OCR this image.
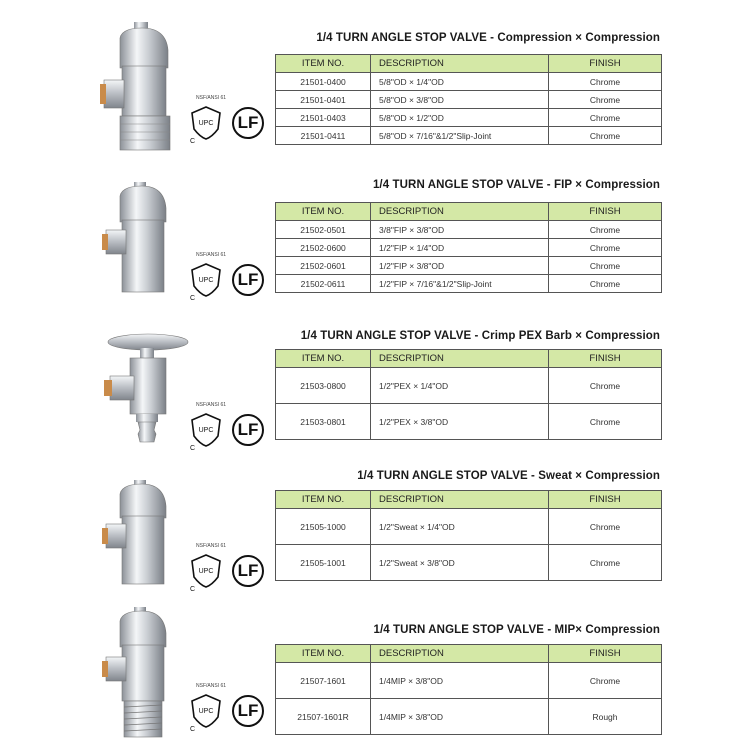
NSF/ANSI 61
UPC
C
LF
1/4 TURN ANGLE STOP VALVE - Compression × Compression
ITEM NO.	DESCRIPTION	FINISH
21501-0400	5/8"OD × 1/4"OD	Chrome
21501-0401	5/8"OD × 3/8"OD	Chrome
21501-0403	5/8"OD × 1/2"OD	Chrome
21501-0411	5/8"OD × 7/16"&1/2"Slip-Joint	Chrome
NSF/ANSI 61
UPC
C
LF
1/4 TURN ANGLE STOP VALVE - FIP × Compression
ITEM NO.	DESCRIPTION	FINISH
21502-0501	3/8"FIP × 3/8"OD	Chrome
21502-0600	1/2"FIP × 1/4"OD	Chrome
21502-0601	1/2"FIP × 3/8"OD	Chrome
21502-0611	1/2"FIP × 7/16"&1/2"Slip-Joint	Chrome
NSF/ANSI 61
UPC
C
LF
1/4 TURN ANGLE STOP VALVE - Crimp PEX Barb × Compression
ITEM NO.	DESCRIPTION	FINISH
21503-0800	1/2"PEX × 1/4"OD	Chrome
21503-0801	1/2"PEX × 3/8"OD	Chrome
NSF/ANSI 61
UPC
C
LF
1/4 TURN ANGLE STOP VALVE - Sweat × Compression
ITEM NO.	DESCRIPTION	FINISH
21505-1000	1/2"Sweat × 1/4"OD	Chrome
21505-1001	1/2"Sweat × 3/8"OD	Chrome
NSF/ANSI 61
UPC
C
LF
1/4 TURN ANGLE STOP VALVE - MIP× Compression
ITEM NO.	DESCRIPTION	FINISH
21507-1601	1/4MIP × 3/8"OD	Chrome
21507-1601R	1/4MIP × 3/8"OD	Rough
